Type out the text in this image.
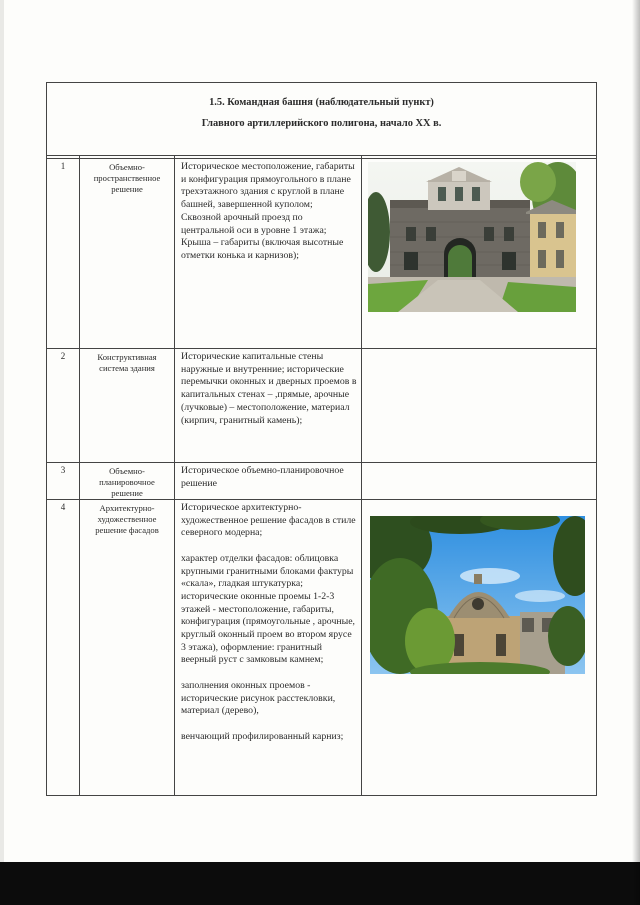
1.5. Командная башня (наблюдательный пункт)
Главного артиллерийского полигона, начало XX в.			

1	Объемно-пространственное решение	Историческое местоположение, габариты и конфигурация прямоугольного в плане трехэтажного здания с круглой в плане башней, завершенной куполом;

Сквозной арочный проезд по центральной оси в уровне 1 этажа;

Крыша – габариты (включая высотные отметки конька и карнизов);

2	Конструктивная система здания	Исторические капитальные стены наружные и внутренние; исторические перемычки оконных и дверных проемов в капитальных стенах – ,прямые, арочные (лучковые) – местоположение, материал (кирпич, гранитный камень);	

3	Объемно-планировочное решение	Историческое объемно-планировочное решение	

4	Архитектурно-художественное решение фасадов	Историческое архитектурно-художественное решение фасадов в стиле северного модерна;

характер отделки фасадов: облицовка крупными гранитными блоками фактуры «скала», гладкая штукатурка;

исторические оконные проемы 1-2-3 этажей - местоположение, габариты, конфигурация (прямоугольные , арочные, круглый оконный проем во втором ярусе 3 этажа), оформление: гранитный веерный руст с замковым камнем;

заполнения оконных проемов - исторические рисунок расстекловки, материал (дерево),

венчающий профилированный карниз;
